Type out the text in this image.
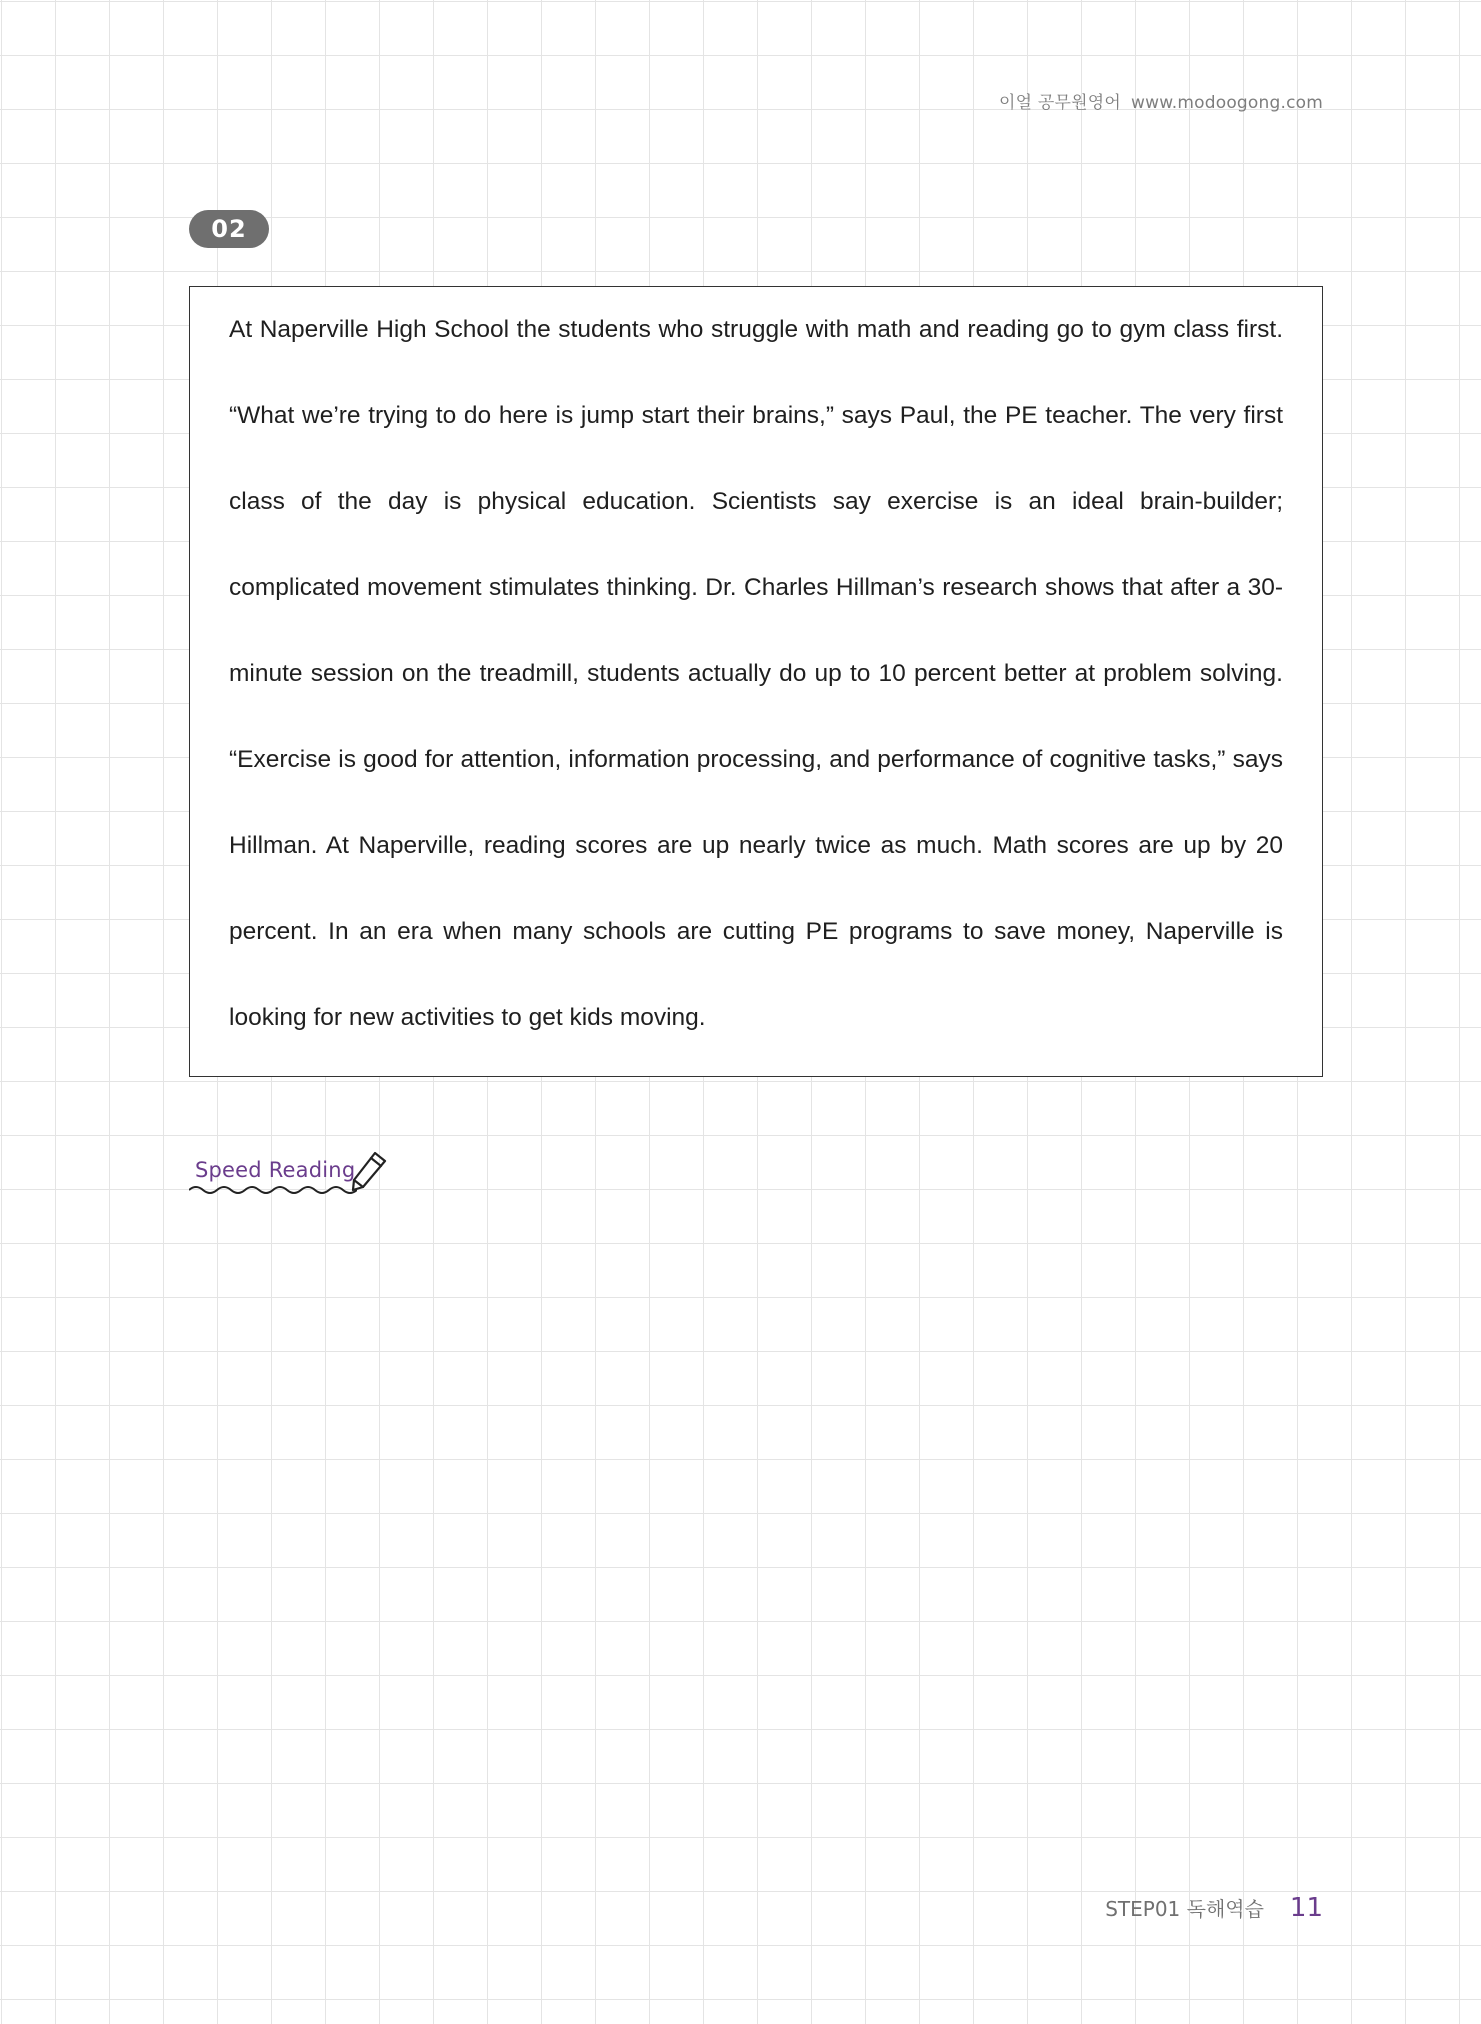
이얼 공무원영어 www.modoogong.com
02

At Naperville High School the students who struggle with math and reading go to gym class first. “What we’re trying to do here is jump start their brains,” says Paul, the PE teacher. The very first class of the day is physical education. Scientists say exercise is an ideal brain-builder; complicated movement stimulates thinking. Dr. Charles Hillman’s research shows that after a 30-minute session on the treadmill, students actually do up to 10 percent better at problem solving. “Exercise is good for attention, information processing, and performance of cognitive tasks,” says Hillman. At Naperville, reading scores are up nearly twice as much. Math scores are up by 20 percent. In an era when many schools are cutting PE programs to save money, Naperville is looking for new activities to get kids moving.

Speed Reading
STEP01 독해역습 11
